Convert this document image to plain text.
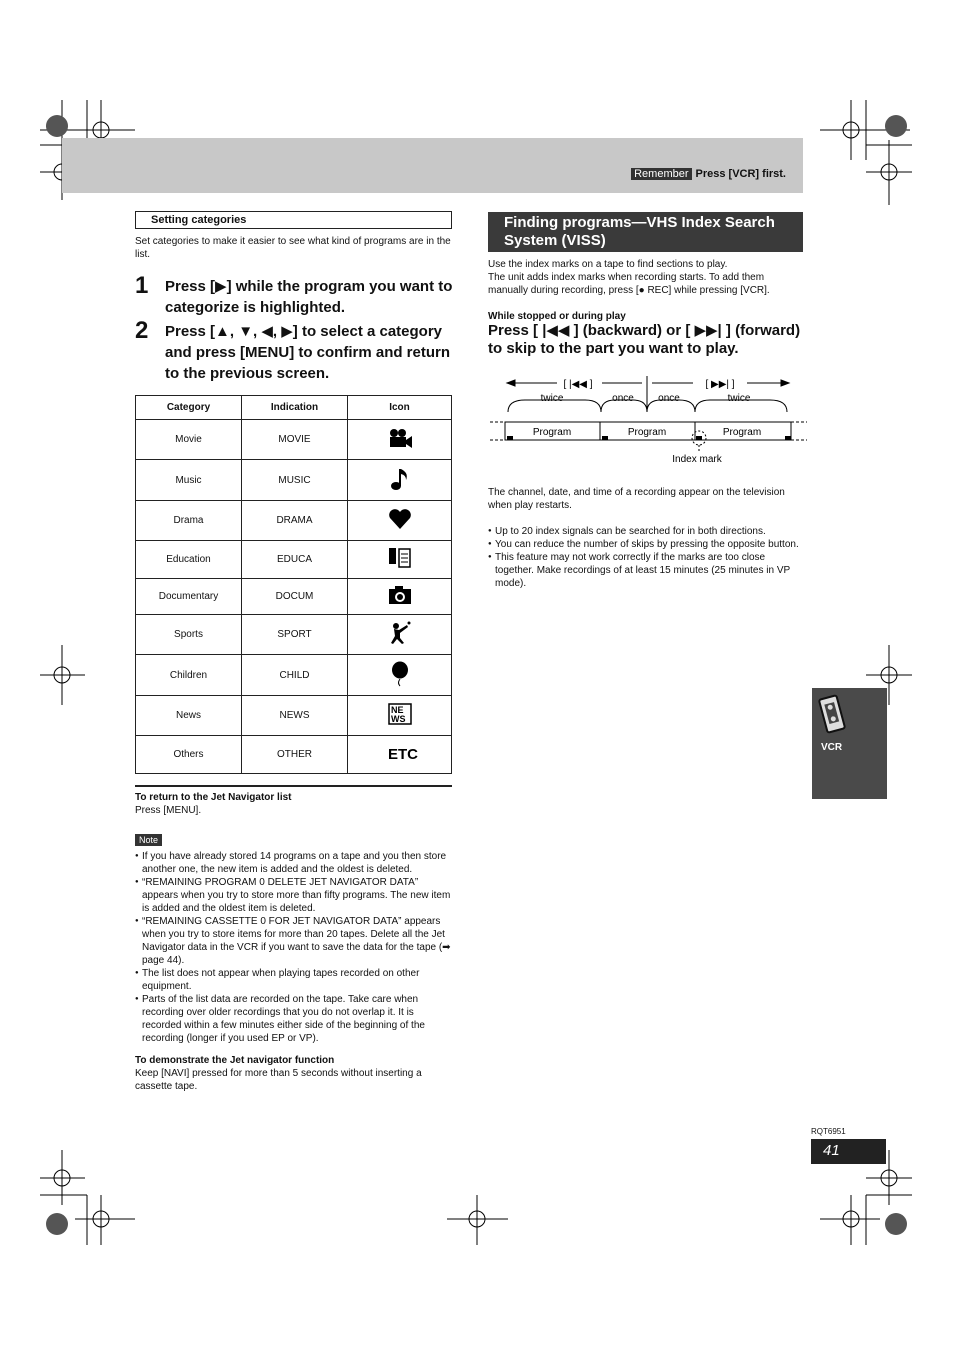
Remember Press [VCR] first.
Setting categories
Set categories to make it easier to see what kind of programs are in the list.
1 Press [▶] while the program you want to categorize is highlighted.
2 Press [▲, ▼, ◀, ▶] to select a category and press [MENU] to confirm and return to the previous screen.
Category	Indication	Icon
Movie	MOVIE	
Music	MUSIC	
Drama	DRAMA	
Education	EDUCA	
Documentary	DOCUM	
Sports	SPORT	
Children	CHILD	
News	NEWS	NE
WS

Others	OTHER	ETC
To return to the Jet Navigator list
Press [MENU].
Note
● If you have already stored 14 programs on a tape and you then store another one, the new item is added and the oldest is deleted.
● “REMAINING PROGRAM 0 DELETE JET NAVIGATOR DATA” appears when you try to store more than fifty programs. The new item is added and the oldest item is deleted.
● “REMAINING CASSETTE 0 FOR JET NAVIGATOR DATA” appears when you try to store items for more than 20 tapes. Delete all the Jet Navigator data in the VCR if you want to save the data for the tape (➡ page 44).
● The list does not appear when playing tapes recorded on other equipment.
● Parts of the list data are recorded on the tape. Take care when recording over older recordings that you do not overlap it. It is recorded within a few minutes either side of the beginning of the recording (longer if you used EP or VP).
To demonstrate the Jet navigator function
Keep [NAVI] pressed for more than 5 seconds without inserting a cassette tape.
Finding programs—VHS Index Search System (VISS)
Use the index marks on a tape to find sections to play.
The unit adds index marks when recording starts. To add them manually during recording, press [● REC] while pressing [VCR].
While stopped or during play
Press [ |◀◀ ] (backward) or [ ▶▶| ] (forward) to skip to the part you want to play.
[ |◀◀ ]	[ ▶▶| ]
twice	once once	twice
Program	Program	Program
Index mark
The channel, date, and time of a recording appear on the television when play restarts.
● Up to 20 index signals can be searched for in both directions.
● You can reduce the number of skips by pressing the opposite button.
● This feature may not work correctly if the marks are too close together. Make recordings of at least 15 minutes (25 minutes in VP mode).
VCR
RQT6951
41
